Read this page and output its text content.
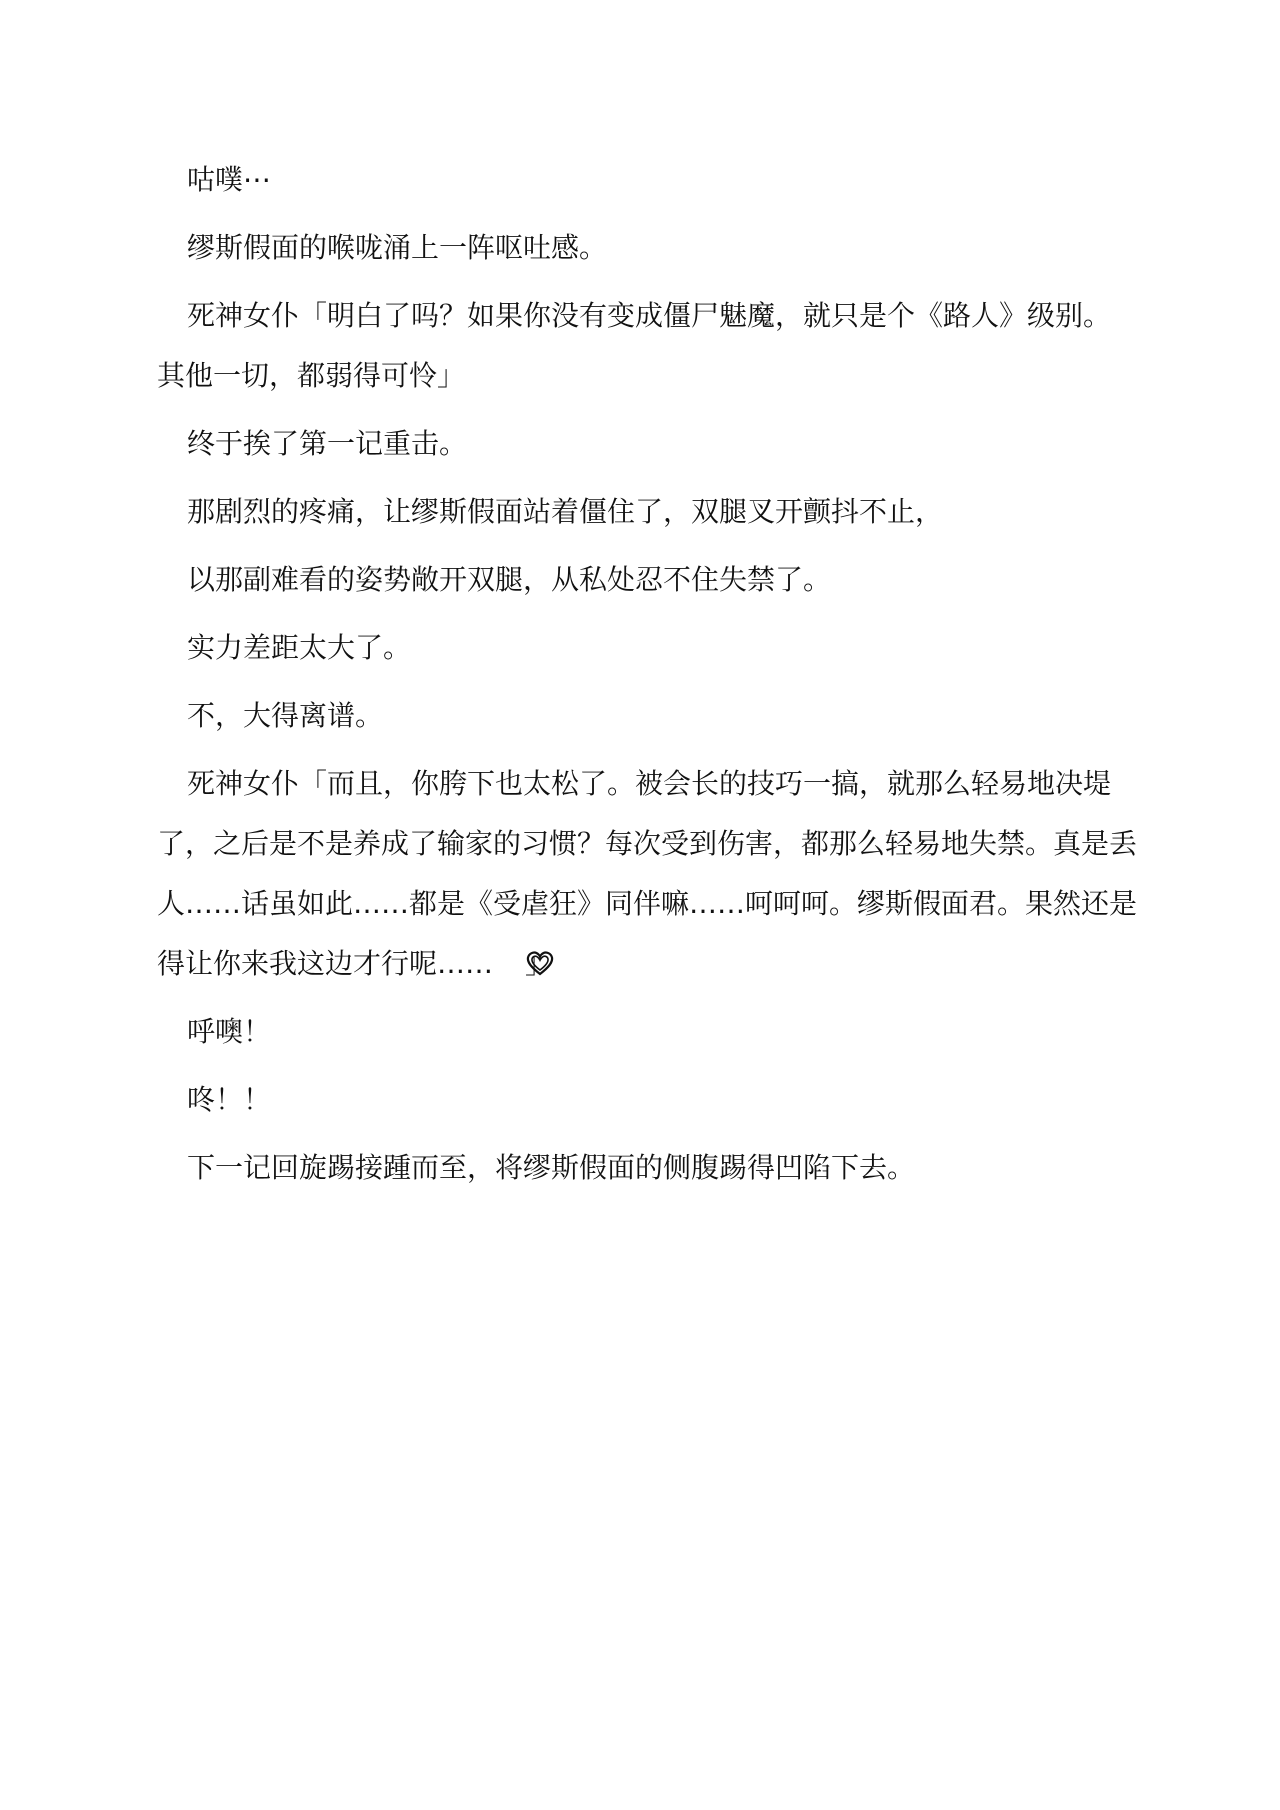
咕噗⋯

缪斯假面的喉咙涌上一阵呕吐感。

死神女仆「明白了吗？如果你没有变成僵尸魅魔，就只是个《路人》级别。其他一切，都弱得可怜」

终于挨了第一记重击。

那剧烈的疼痛，让缪斯假面站着僵住了，双腿叉开颤抖不止，

以那副难看的姿势敞开双腿，从私处忍不住失禁了。

实力差距太大了。

不，大得离谱。

死神女仆「而且，你胯下也太松了。被会长的技巧一搞，就那么轻易地决堤了，之后是不是养成了输家的习惯？每次受到伤害，都那么轻易地失禁。真是丢人……话虽如此……都是《受虐狂》同伴嘛……呵呵呵。缪斯假面君。果然还是得让你来我这边才行呢…… 」

呼噢！

咚！！

下一记回旋踢接踵而至，将缪斯假面的侧腹踢得凹陷下去。
